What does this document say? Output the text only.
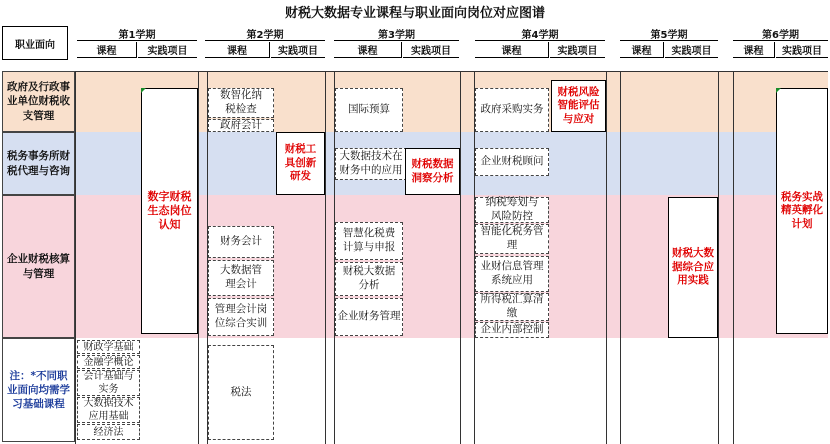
财税大数据专业课程与职业面向岗位对应图谱
职业面向
第1学期
课程	实践项目
第2学期
课程	实践项目
第3学期
课程	实践项目
第4学期
课程	实践项目
第5学期
课程	实践项目
第6学期
课程	实践项目
政府及行政事业单位财税收支管理
税务事务所财税代理与咨询
企业财税核算与管理
注：*不同职业面向均需学习基础课程
数字财税生态岗位认知
财政学基础
金融学概论
会计基础与实务
大数据技术应用基础
经济法
数智化纳税检查
政府会计
财税工具创新研发
财务会计
大数据管理会计
管理会计岗位综合实训
税法
国际预算
大数据技术在财务中的应用
财税数据洞察分析
智慧化税费计算与申报
财税大数据分析
企业财务管理
政府采购实务
财税风险智能评估与应对
企业财税顾问
纳税筹划与风险防控
智能化税务管理
业财信息管理系统应用
所得税汇算清缴
企业内部控制
财税大数据综合应用实践
税务实战精英孵化计划
